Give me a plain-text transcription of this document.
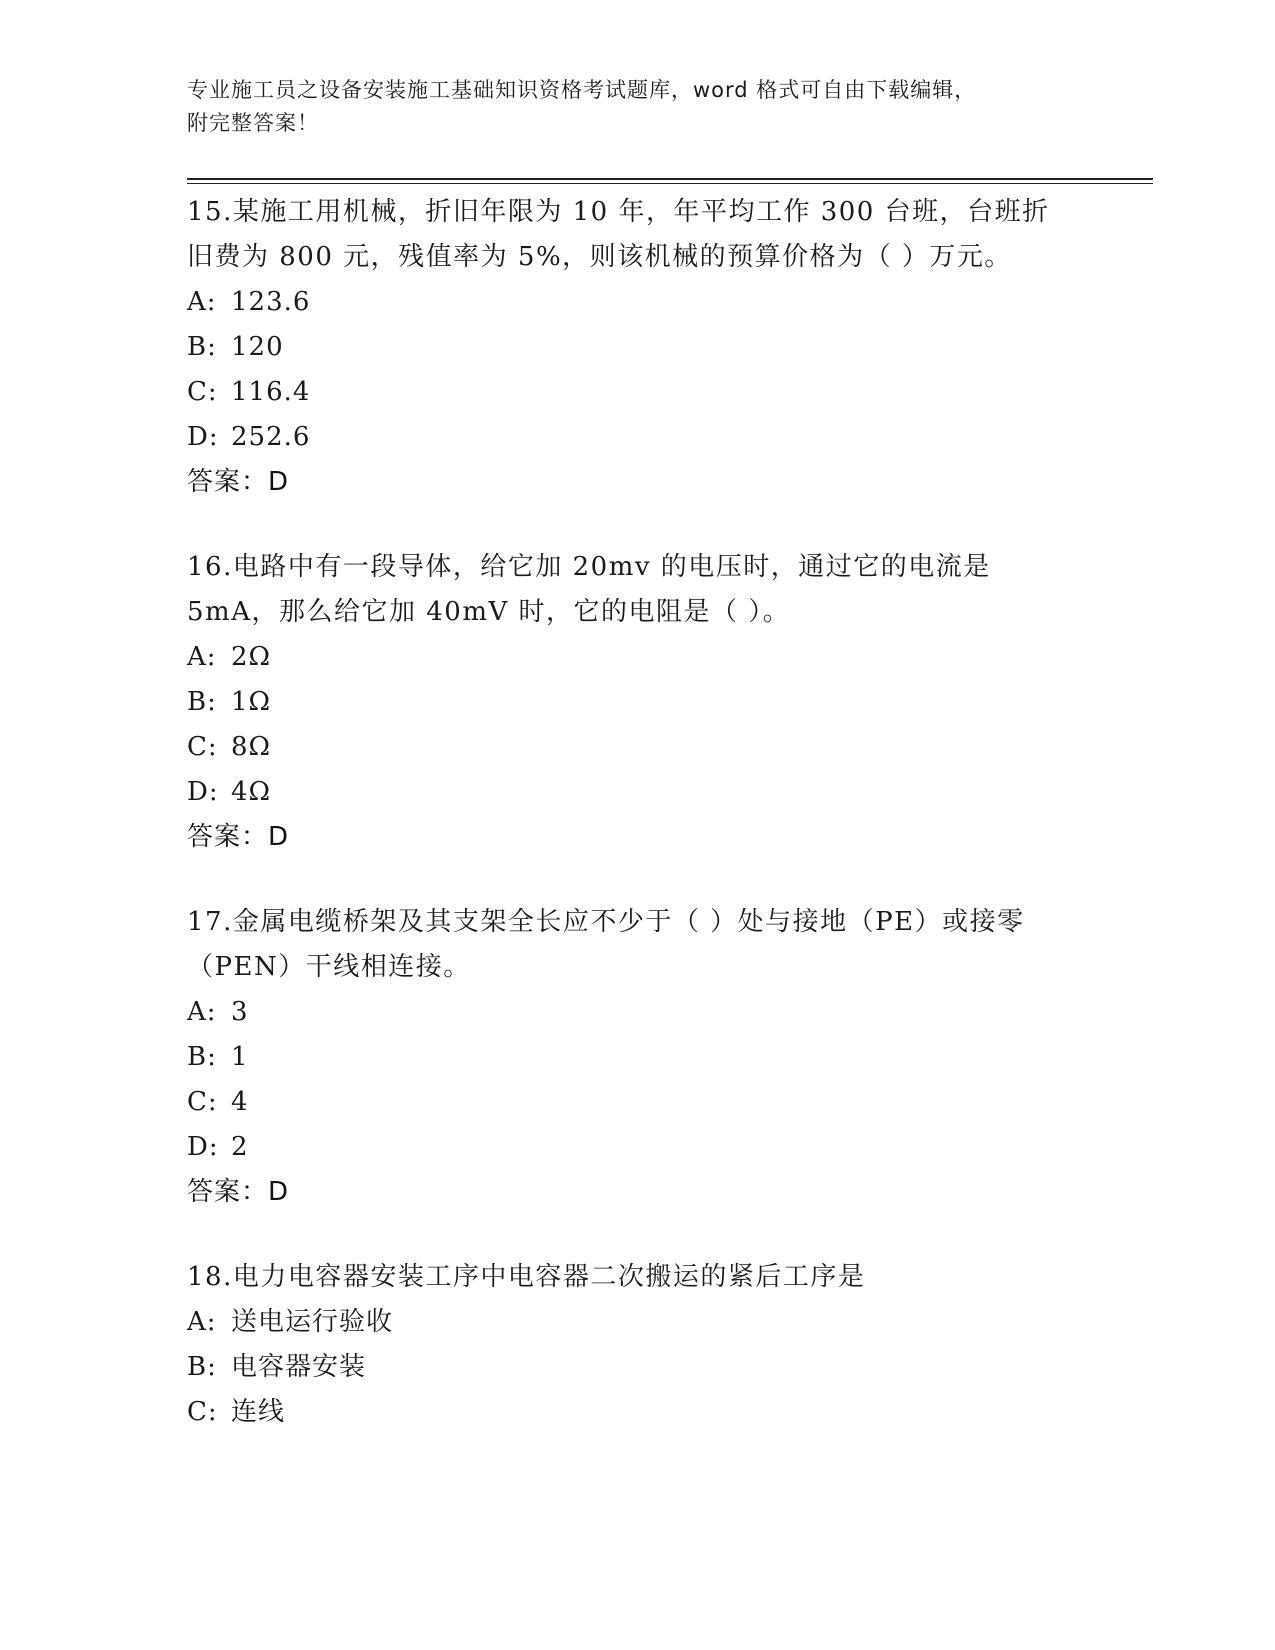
专业施工员之设备安装施工基础知识资格考试题库，word 格式可自由下载编辑，
附完整答案！

15.某施工用机械，折旧年限为 10 年，年平均工作 300 台班，台班折旧费为 800 元，残值率为 5%，则该机械的预算价格为（ ）万元。

A: 123.6

B: 120

C: 116.4

D: 252.6

答案：D

16.电路中有一段导体，给它加 20mv 的电压时，通过它的电流是 5mA，那么给它加 40mV 时，它的电阻是（ ）。

A: 2Ω

B: 1Ω

C: 8Ω

D: 4Ω

答案：D

17.金属电缆桥架及其支架全长应不少于（ ）处与接地（PE）或接零（PEN）干线相连接。

A: 3

B: 1

C: 4

D: 2

答案：D

18.电力电容器安装工序中电容器二次搬运的紧后工序是

A: 送电运行验收

B: 电容器安装

C: 连线
